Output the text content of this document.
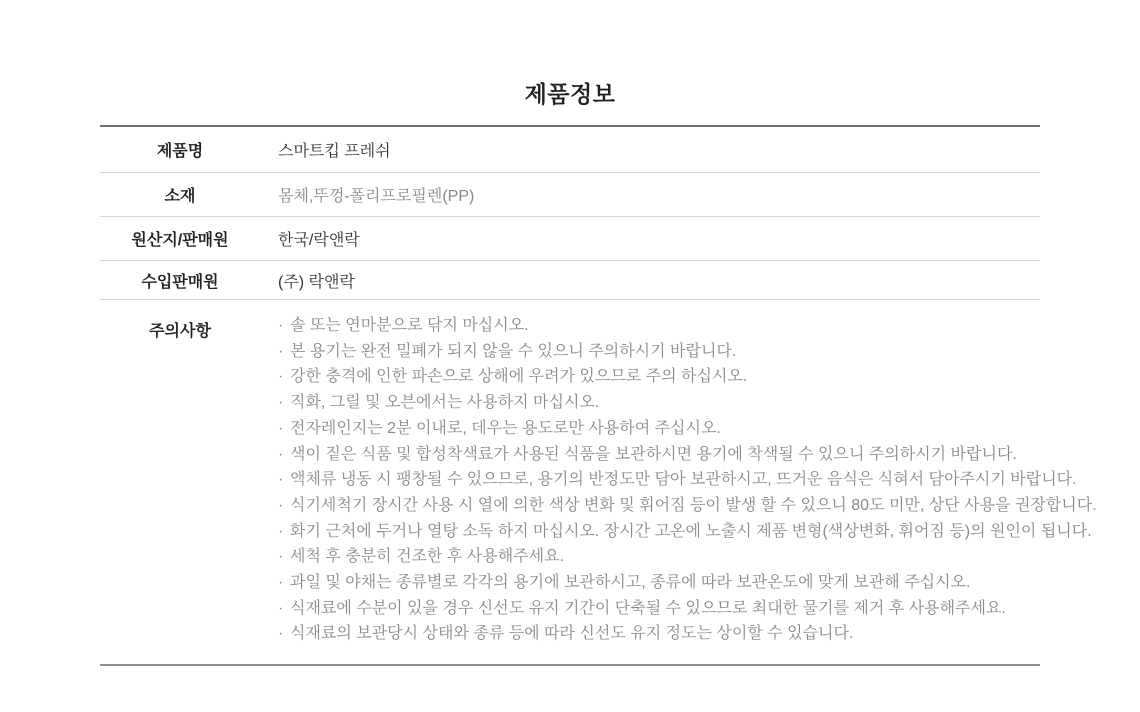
제품정보
제품명	스마트킵 프레쉬
소재	몸체,뚜껑-폴리프로필렌(PP)
원산지/판매원	한국/락앤락
수입판매원	(주) 락앤락
주의사항	· 솔 또는 연마분으로 닦지 마십시오.
· 본 용기는 완전 밀폐가 되지 않을 수 있으니 주의하시기 바랍니다.
· 강한 충격에 인한 파손으로 상해에 우려가 있으므로 주의 하십시오.
· 직화, 그릴 및 오븐에서는 사용하지 마십시오.
· 전자레인지는 2분 이내로, 데우는 용도로만 사용하여 주십시오.
· 색이 짙은 식품 및 합성착색료가 사용된 식품을 보관하시면 용기에 착색될 수 있으니 주의하시기 바랍니다.
· 액체류 냉동 시 팽창될 수 있으므로, 용기의 반정도만 담아 보관하시고, 뜨거운 음식은 식혀서 담아주시기 바랍니다.
· 식기세척기 장시간 사용 시 열에 의한 색상 변화 및 휘어짐 등이 발생 할 수 있으니 80도 미만, 상단 사용을 권장합니다.
· 화기 근처에 두거나 열탕 소독 하지 마십시오. 장시간 고온에 노출시 제품 변형(색상변화, 휘어짐 등)의 원인이 됩니다.
· 세척 후 충분히 건조한 후 사용해주세요.
· 과일 및 야채는 종류별로 각각의 용기에 보관하시고, 종류에 따라 보관온도에 맞게 보관해 주십시오.
· 식재료에 수분이 있을 경우 신선도 유지 기간이 단축될 수 있으므로 최대한 물기를 제거 후 사용해주세요.
· 식재료의 보관당시 상태와 종류 등에 따라 신선도 유지 정도는 상이할 수 있습니다.
